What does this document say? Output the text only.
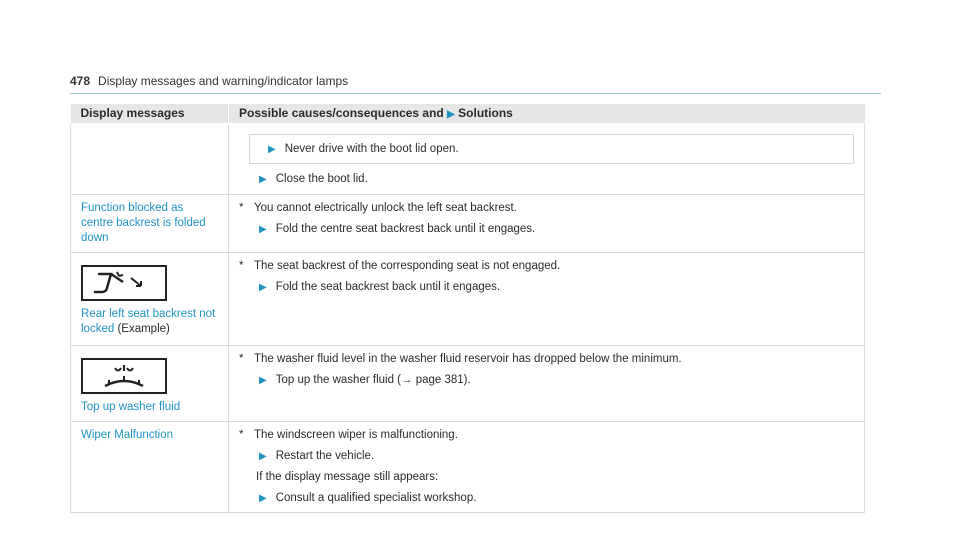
478 Display messages and warning/indicator lamps
Display messages	Possible causes/consequences and ▶ Solutions

	▶ Never drive with the boot lid open.
▶ Close the boot lid.

Function blocked as centre backrest is folded down	* You cannot electrically unlock the left seat backrest.
▶ Fold the centre seat backrest back until it engages.

Rear left seat backrest not locked (Example)	* The seat backrest of the corresponding seat is not engaged.
▶ Fold the seat backrest back until it engages.

Top up washer fluid	* The washer fluid level in the washer fluid reservoir has dropped below the minimum.
▶ Top up the washer fluid (→ page 381).

Wiper Malfunction	* The windscreen wiper is malfunctioning.
▶ Restart the vehicle.
If the display message still appears:
▶ Consult a qualified specialist workshop.
